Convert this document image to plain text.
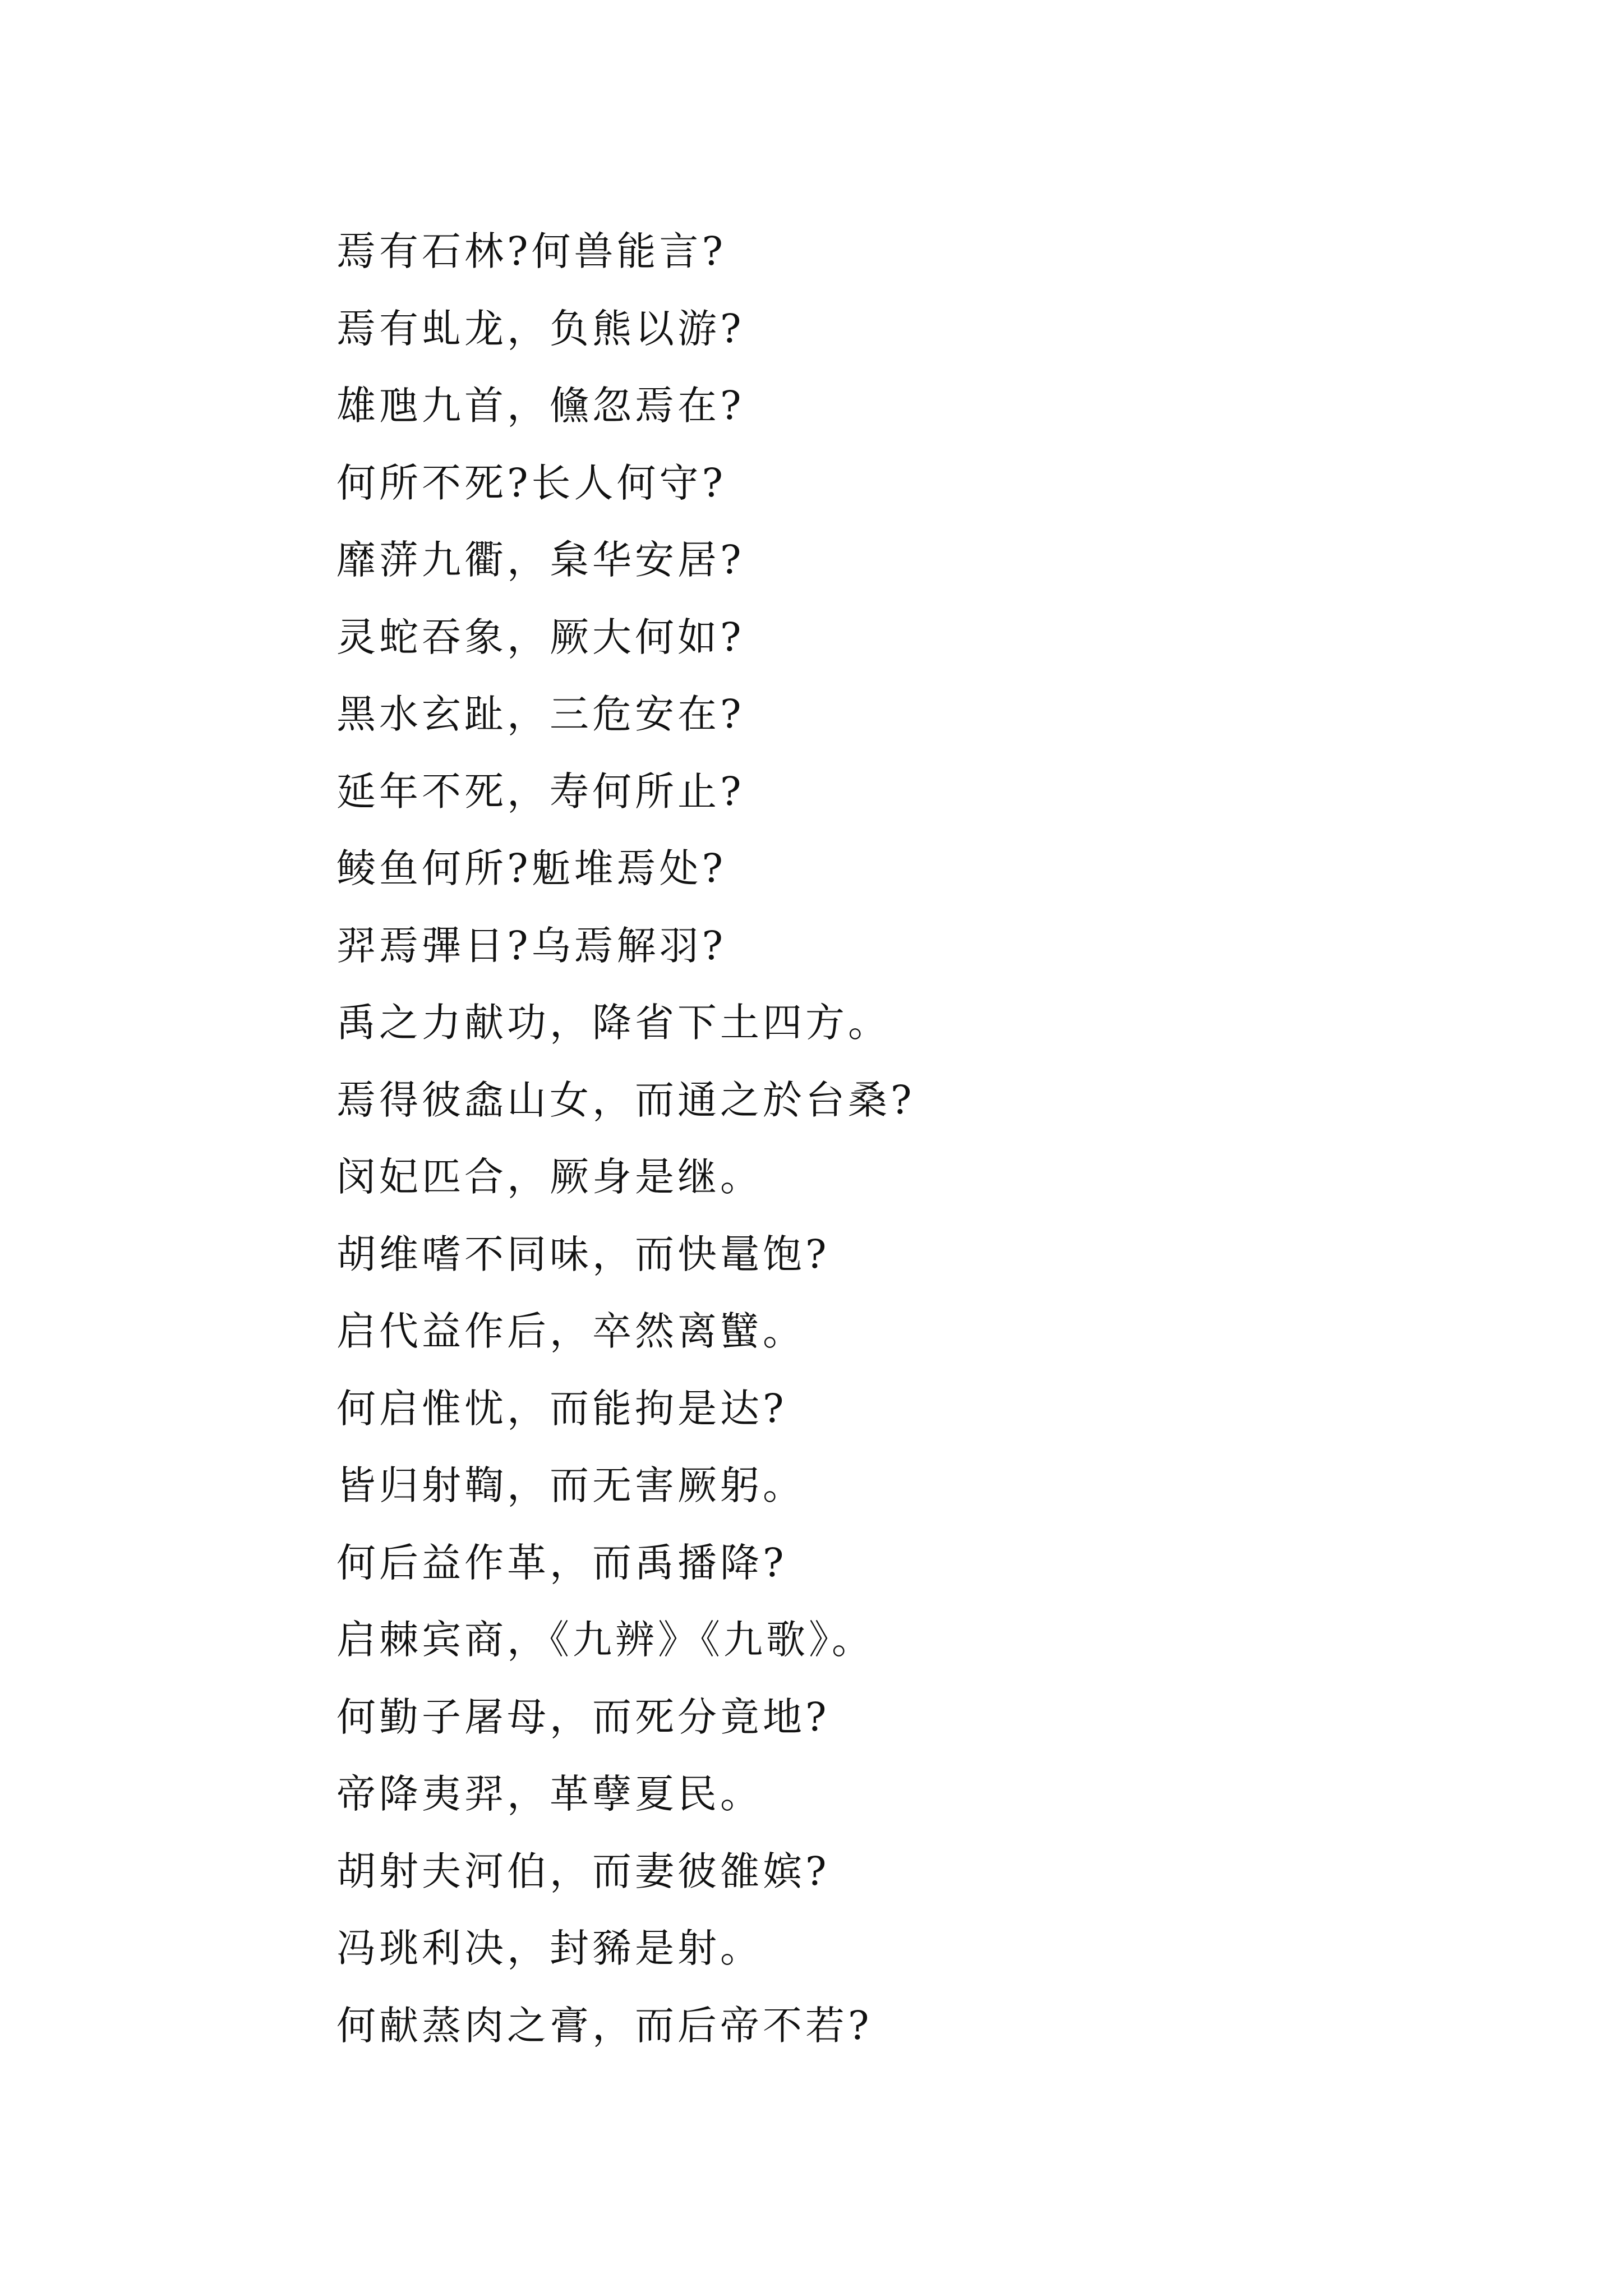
焉有石林?何兽能言?
焉有虬龙，负熊以游?
雄虺九首，儵忽焉在?
何所不死?长人何守?
靡蓱九衢，枲华安居?
灵蛇吞象，厥大何如?
黑水玄趾，三危安在?
延年不死，寿何所止?
鲮鱼何所?鬿堆焉处?
羿焉彃日?乌焉解羽?
禹之力献功，降省下土四方。
焉得彼嵞山女，而通之於台桑?
闵妃匹合，厥身是继。
胡维嗜不同味，而快鼌饱?
启代益作后，卒然离蠥。
何启惟忧，而能拘是达?
皆归射鞫，而无害厥躬。
何后益作革，而禹播降?
启棘宾商，《九辨》《九歌》。
何勤子屠母，而死分竟地?
帝降夷羿，革孽夏民。
胡射夫河伯，而妻彼雒嫔?
冯珧利决，封豨是射。
何献蒸肉之膏，而后帝不若?
